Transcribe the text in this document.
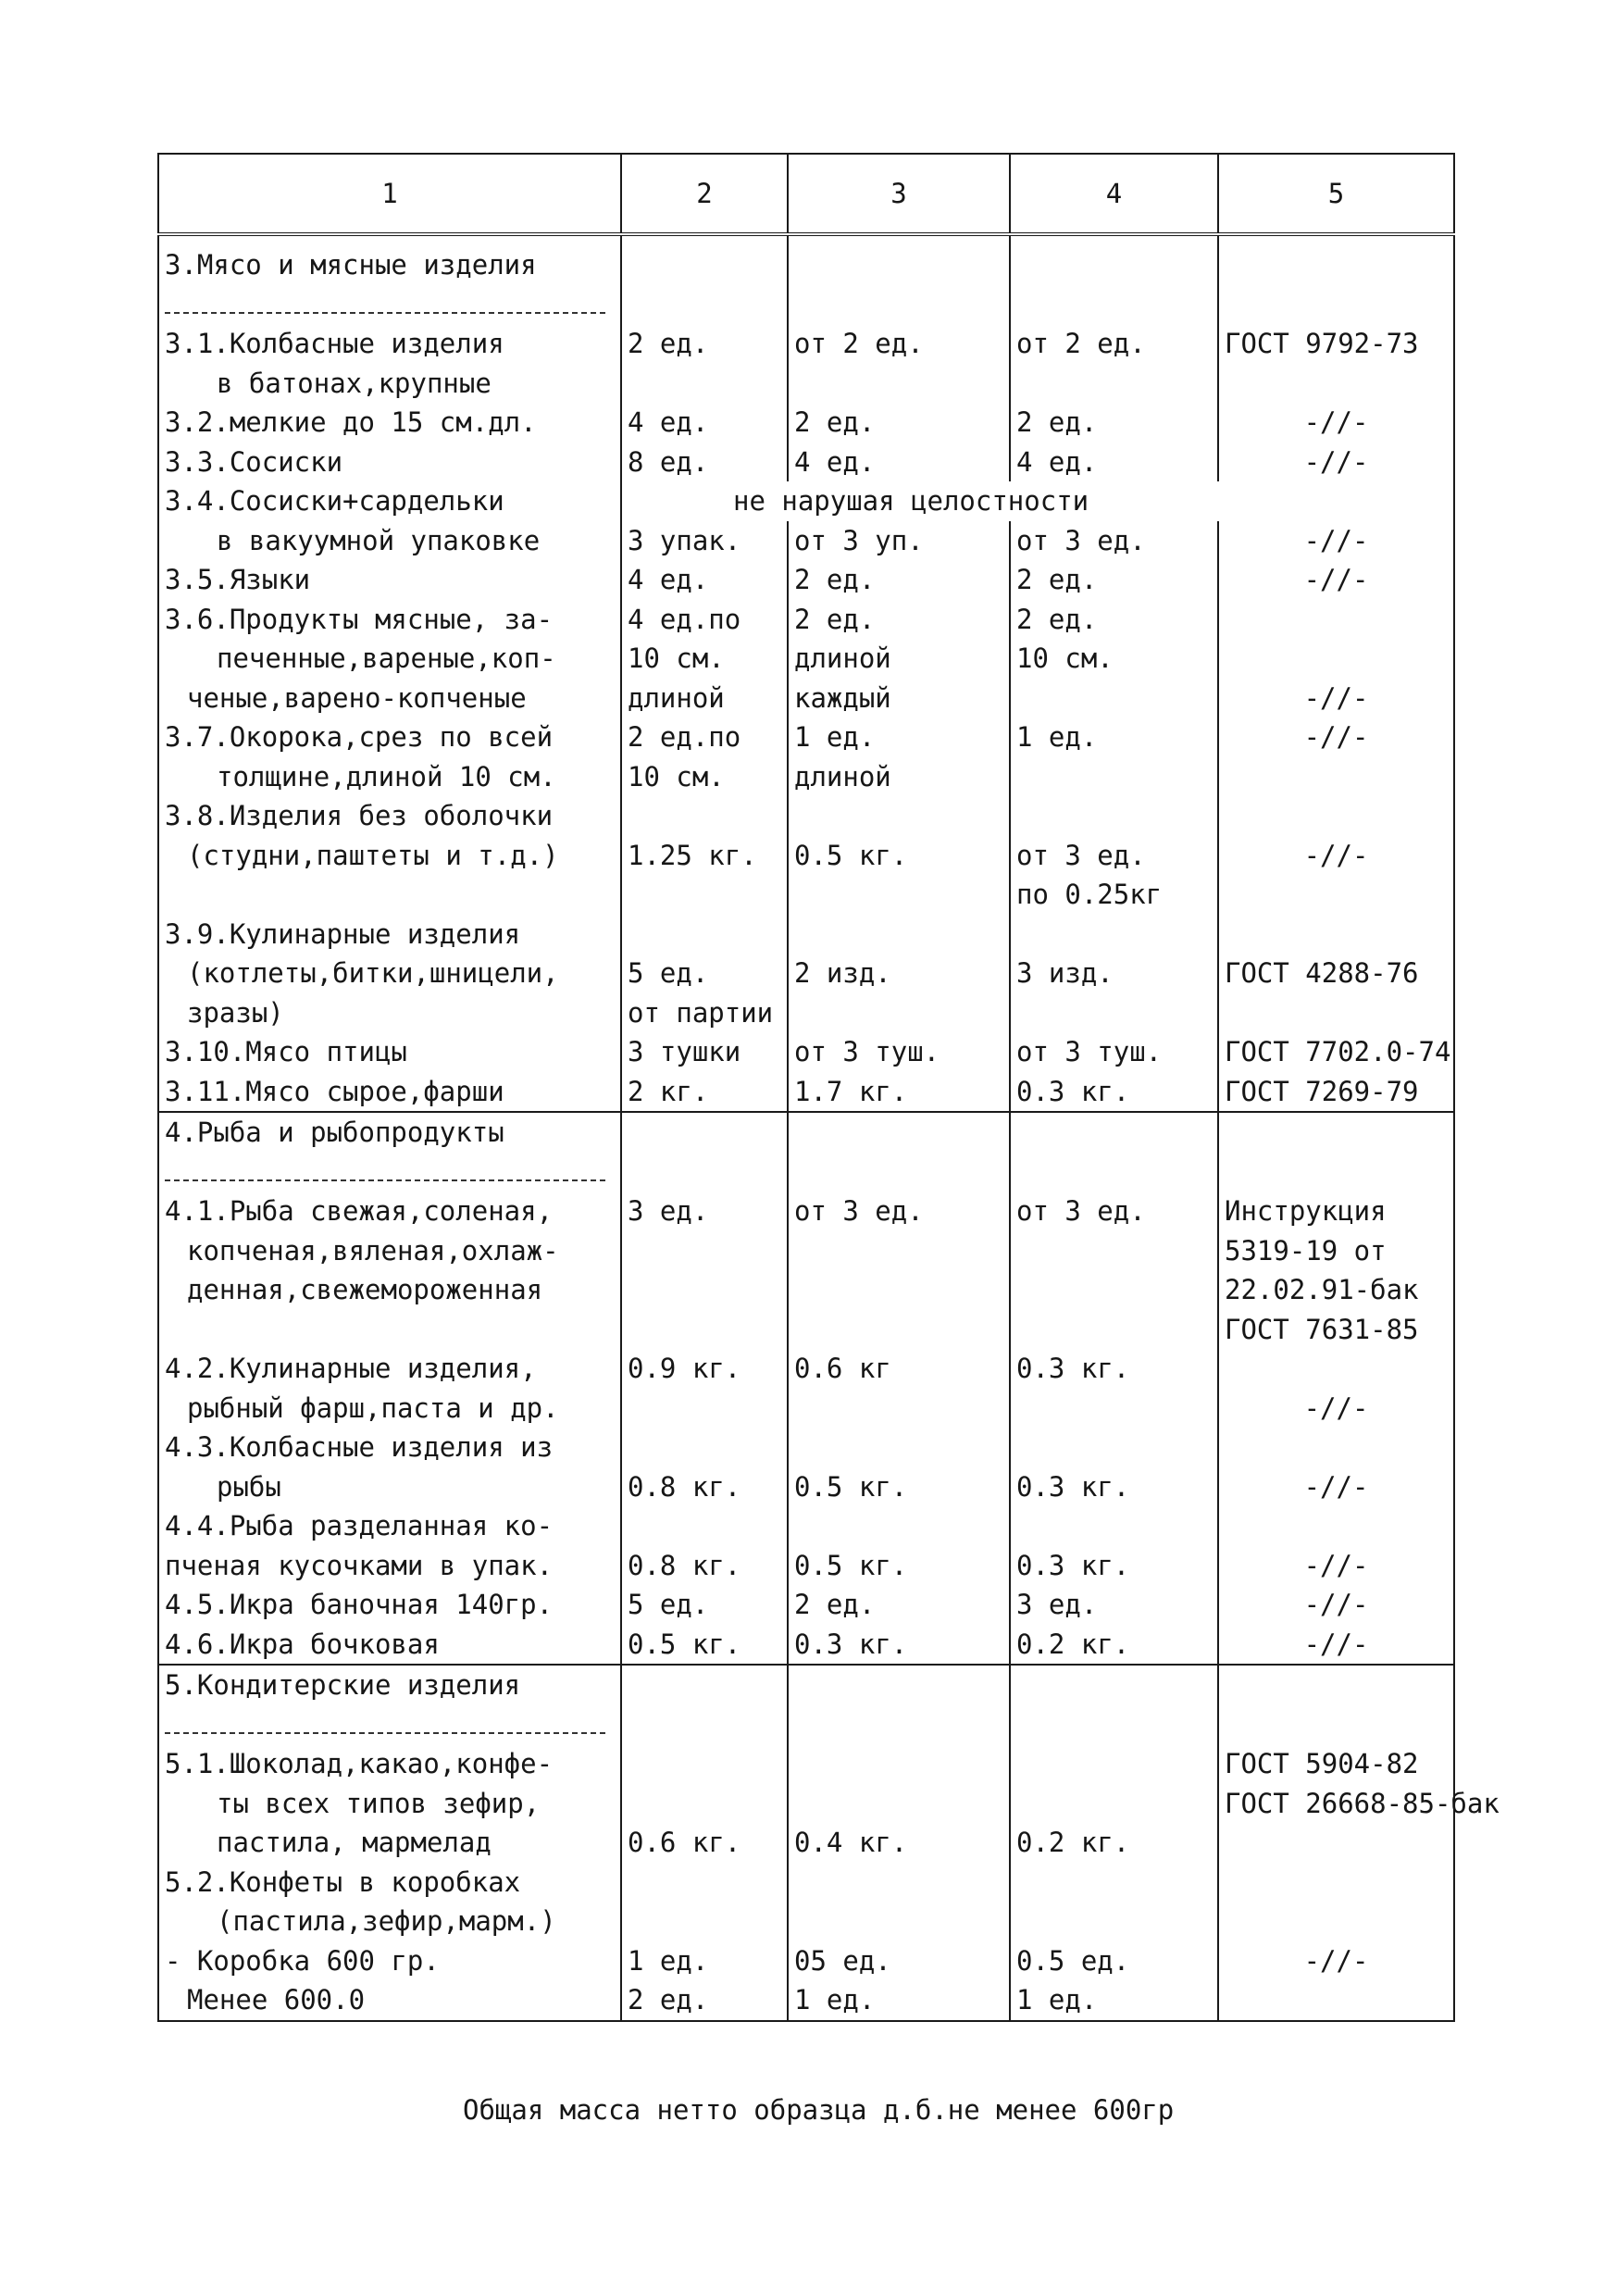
1	2	3	4	5

3.Мясо и мясные изделия				

3.1.Колбасные изделия	2 ед.	от 2 ед.	от 2 ед.	ГОСТ 9792-73
в батонах,крупные				
3.2.мелкие до 15 см.дл.	4 ед.	2 ед.	2 ед.	-//-
3.3.Сосиски	8 ед.	4 ед.	4 ед.	-//-
3.4.Сосиски+сардельки	не нарушая целостности			
в вакуумной упаковке	3 упак.	от 3 уп.	от 3 ед.	-//-
3.5.Языки	4 ед.	2 ед.	2 ед.	-//-
3.6.Продукты мясные, за-	4 ед.по	2 ед.	2 ед.	
печенные,вареные,коп-	10 см.	длиной	10 см.	
ченые,варено-копченые	длиной	каждый		-//-
3.7.Окорока,срез по всей	2 ед.по	1 ед.	1 ед.	-//-
толщине,длиной 10 см.	10 см.	длиной		
3.8.Изделия без оболочки				
(студни,паштеты и т.д.)	1.25 кг.	0.5 кг.	от 3 ед.	-//-
			по 0.25кг	
3.9.Кулинарные изделия				
(котлеты,битки,шницели,	5 ед.	2 изд.	3 изд.	ГОСТ 4288-76
зразы)	от партии			
3.10.Мясо птицы	3 тушки	от 3 туш.	от 3 туш.	ГОСТ 7702.0-74
3.11.Мясо сырое,фарши	2 кг.	1.7 кг.	0.3 кг.	ГОСТ 7269-79
4.Рыба и рыбопродукты				

4.1.Рыба свежая,соленая,	3 ед.	от 3 ед.	от 3 ед.	Инструкция
копченая,вяленая,охлаж-				5319-19 от
денная,свежемороженная				22.02.91-бак
				ГОСТ 7631-85
4.2.Кулинарные изделия,	0.9 кг.	0.6 кг	0.3 кг.	
рыбный фарш,паста и др.				-//-
4.3.Колбасные изделия из				
рыбы	0.8 кг.	0.5 кг.	0.3 кг.	-//-
4.4.Рыба разделанная ко-				
пченая кусочками в упак.	0.8 кг.	0.5 кг.	0.3 кг.	-//-
4.5.Икра баночная 140гр.	5 ед.	2 ед.	3 ед.	-//-
4.6.Икра бочковая	0.5 кг.	0.3 кг.	0.2 кг.	-//-
5.Кондитерские изделия				

5.1.Шоколад,какао,конфе-				ГОСТ 5904-82
ты всех типов зефир,				ГОСТ 26668-85-бак
пастила, мармелад	0.6 кг.	0.4 кг.	0.2 кг.	
5.2.Конфеты в коробках				
(пастила,зефир,марм.)				
- Коробка 600 гр.	1 ед.	05 ед.	0.5 ед.	-//-
Менее 600.0	2 ед.	1 ед.	1 ед.	
Общая масса нетто образца д.б.не менее 600гр
